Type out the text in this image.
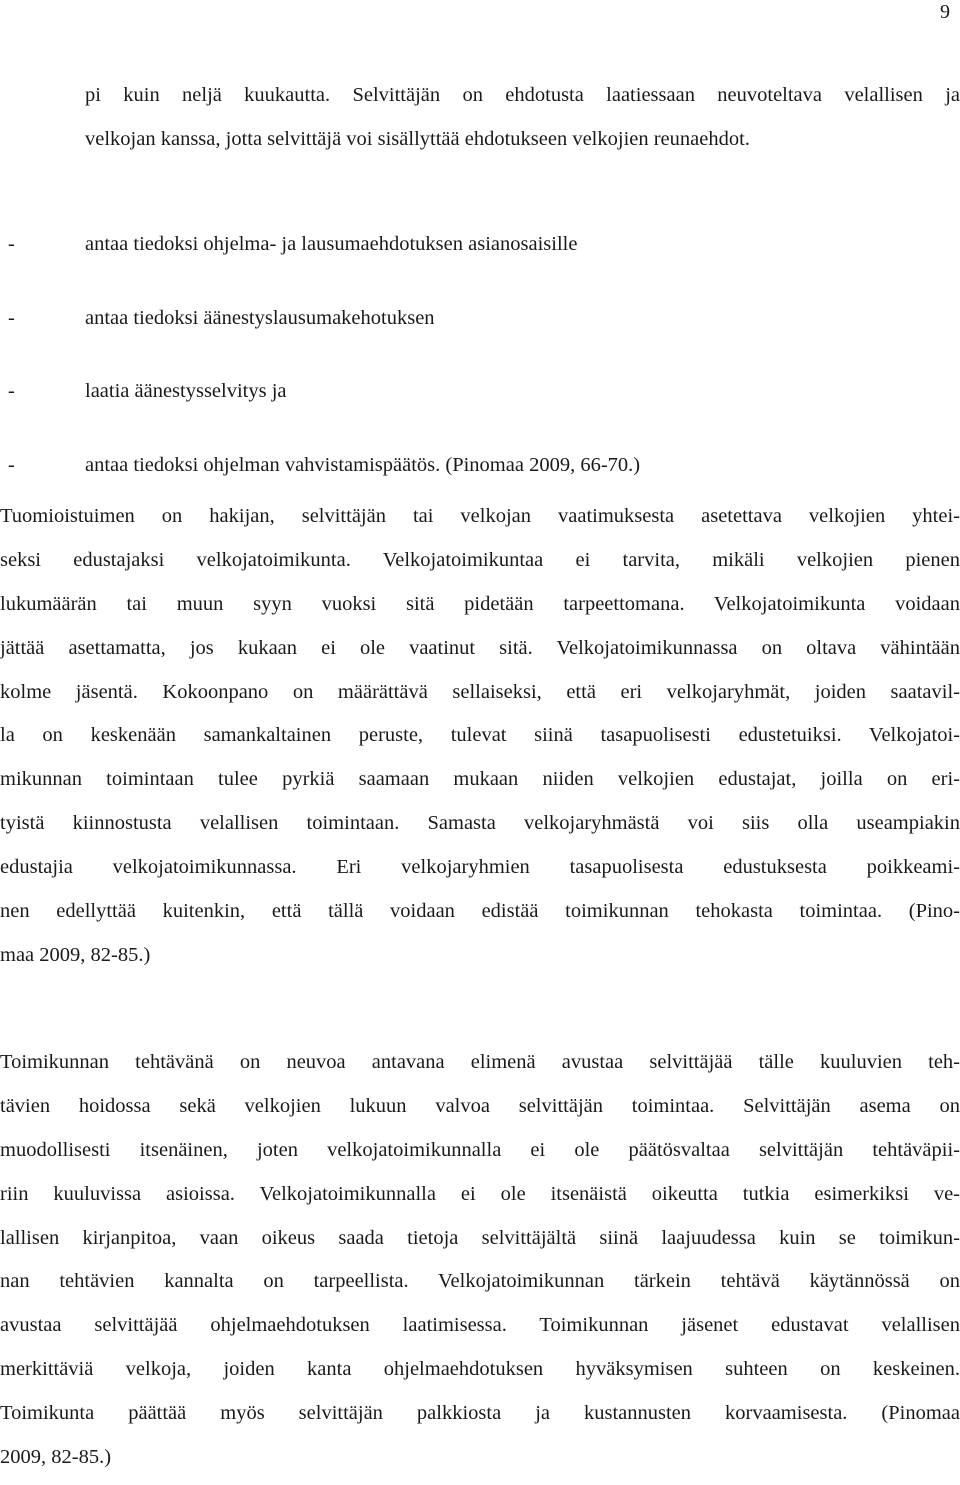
9
pi kuin neljä kuukautta. Selvittäjän on ehdotusta laatiessaan neuvoteltava velallisen ja
velkojan kanssa, jotta selvittäjä voi sisällyttää ehdotukseen velkojien reunaehdot.
-	antaa tiedoksi ohjelma- ja lausumaehdotuksen asianosaisille
-	antaa tiedoksi äänestyslausumakehotuksen
-	laatia äänestysselvitys ja
-	antaa tiedoksi ohjelman vahvistamispäätös. (Pinomaa 2009, 66-70.)
Tuomioistuimen on hakijan, selvittäjän tai velkojan vaatimuksesta asetettava velkojien yhtei-
seksi edustajaksi velkojatoimikunta. Velkojatoimikuntaa ei tarvita, mikäli velkojien pienen
lukumäärän tai muun syyn vuoksi sitä pidetään tarpeettomana. Velkojatoimikunta voidaan
jättää asettamatta, jos kukaan ei ole vaatinut sitä. Velkojatoimikunnassa on oltava vähintään
kolme jäsentä. Kokoonpano on määrättävä sellaiseksi, että eri velkojaryhmät, joiden saatavil-
la on keskenään samankaltainen peruste, tulevat siinä tasapuolisesti edustetuiksi. Velkojatoi-
mikunnan toimintaan tulee pyrkiä saamaan mukaan niiden velkojien edustajat, joilla on eri-
tyistä kiinnostusta velallisen toimintaan. Samasta velkojaryhmästä voi siis olla useampiakin
edustajia velkojatoimikunnassa. Eri velkojaryhmien tasapuolisesta edustuksesta poikkeami-
nen edellyttää kuitenkin, että tällä voidaan edistää toimikunnan tehokasta toimintaa. (Pino-
maa 2009, 82-85.)
Toimikunnan tehtävänä on neuvoa antavana elimenä avustaa selvittäjää tälle kuuluvien teh-
tävien hoidossa sekä velkojien lukuun valvoa selvittäjän toimintaa. Selvittäjän asema on
muodollisesti itsenäinen, joten velkojatoimikunnalla ei ole päätösvaltaa selvittäjän tehtäväpii-
riin kuuluvissa asioissa. Velkojatoimikunnalla ei ole itsenäistä oikeutta tutkia esimerkiksi ve-
lallisen kirjanpitoa, vaan oikeus saada tietoja selvittäjältä siinä laajuudessa kuin se toimikun-
nan tehtävien kannalta on tarpeellista. Velkojatoimikunnan tärkein tehtävä käytännössä on
avustaa selvittäjää ohjelmaehdotuksen laatimisessa. Toimikunnan jäsenet edustavat velallisen
merkittäviä velkoja, joiden kanta ohjelmaehdotuksen hyväksymisen suhteen on keskeinen.
Toimikunta päättää myös selvittäjän palkkiosta ja kustannusten korvaamisesta. (Pinomaa
2009, 82-85.)
